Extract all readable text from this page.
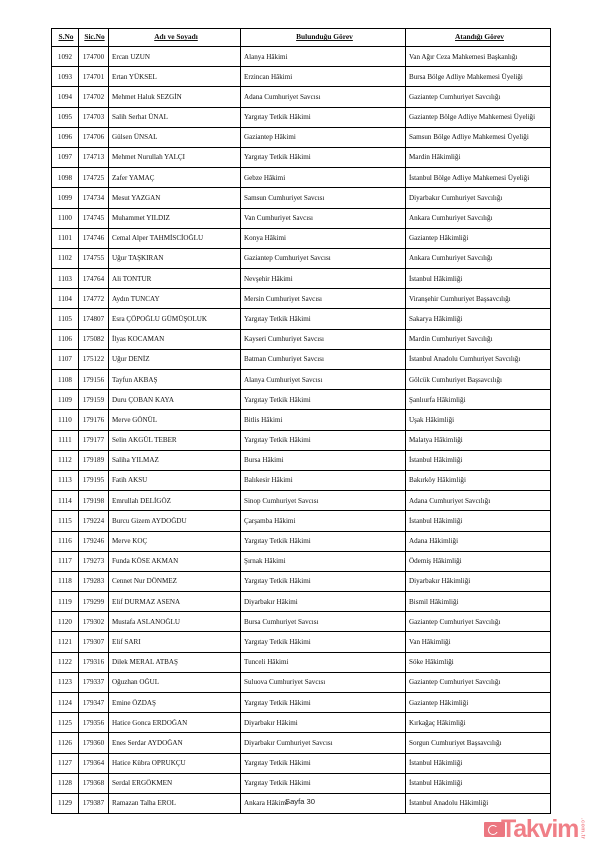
S.No	Sic.No	Adı ve Soyadı	Bulunduğu Görev	Atandığı Görev

1092	174700	Ercan UZUN	Alanya Hâkimi	Van Ağır Ceza Mahkemesi Başkanlığı

1093	174701	Ertan YÜKSEL	Erzincan Hâkimi	Bursa Bölge Adliye Mahkemesi Üyeliği

1094	174702	Mehmet Haluk SEZGİN	Adana Cumhuriyet Savcısı	Gaziantep Cumhuriyet Savcılığı

1095	174703	Salih Serhat ÜNAL	Yargıtay Tetkik Hâkimi	Gaziantep Bölge Adliye Mahkemesi Üyeliği

1096	174706	Gülsen ÜNSAL	Gaziantep Hâkimi	Samsun Bölge Adliye Mahkemesi Üyeliği

1097	174713	Mehmet Nurullah YALÇI	Yargıtay Tetkik Hâkimi	Mardin Hâkimliği

1098	174725	Zafer YAMAÇ	Gebze Hâkimi	İstanbul Bölge Adliye Mahkemesi Üyeliği

1099	174734	Mesut YAZGAN	Samsun Cumhuriyet Savcısı	Diyarbakır Cumhuriyet Savcılığı

1100	174745	Muhammet YILDIZ	Van Cumhuriyet Savcısı	Ankara Cumhuriyet Savcılığı

1101	174746	Cemal Alper TAHMİSCİOĞLU	Konya Hâkimi	Gaziantep Hâkimliği

1102	174755	Uğur TAŞKIRAN	Gaziantep Cumhuriyet Savcısı	Ankara Cumhuriyet Savcılığı

1103	174764	Ali TONTUR	Nevşehir Hâkimi	İstanbul Hâkimliği

1104	174772	Aydın TUNCAY	Mersin Cumhuriyet Savcısı	Viranşehir Cumhuriyet Başsavcılığı

1105	174807	Esra ÇÖPOĞLU GÜMÜŞOLUK	Yargıtay Tetkik Hâkimi	Sakarya Hâkimliği

1106	175082	İlyas KOCAMAN	Kayseri Cumhuriyet Savcısı	Mardin Cumhuriyet Savcılığı

1107	175122	Uğur DENİZ	Batman Cumhuriyet Savcısı	İstanbul Anadolu Cumhuriyet Savcılığı

1108	179156	Tayfun AKBAŞ	Alanya Cumhuriyet Savcısı	Gölcük Cumhuriyet Başsavcılığı

1109	179159	Duru ÇOBAN KAYA	Yargıtay Tetkik Hâkimi	Şanlıurfa Hâkimliği

1110	179176	Merve GÖNÜL	Bitlis Hâkimi	Uşak Hâkimliği

1111	179177	Selin AKGÜL TEBER	Yargıtay Tetkik Hâkimi	Malatya Hâkimliği

1112	179189	Saliha YILMAZ	Bursa Hâkimi	İstanbul Hâkimliği

1113	179195	Fatih AKSU	Balıkesir Hâkimi	Bakırköy Hâkimliği

1114	179198	Emrullah DELİGÖZ	Sinop Cumhuriyet Savcısı	Adana Cumhuriyet Savcılığı

1115	179224	Burcu Gizem AYDOĞDU	Çarşamba Hâkimi	İstanbul Hâkimliği

1116	179246	Merve KOÇ	Yargıtay Tetkik Hâkimi	Adana Hâkimliği

1117	179273	Funda KÖSE AKMAN	Şırnak Hâkimi	Ödemiş Hâkimliği

1118	179283	Cennet Nur DÖNMEZ	Yargıtay Tetkik Hâkimi	Diyarbakır Hâkimliği

1119	179299	Elif DURMAZ ASENA	Diyarbakır Hâkimi	Bismil Hâkimliği

1120	179302	Mustafa ASLANOĞLU	Bursa Cumhuriyet Savcısı	Gaziantep Cumhuriyet Savcılığı

1121	179307	Elif SARI	Yargıtay Tetkik Hâkimi	Van Hâkimliği

1122	179316	Dilek MERAL ATBAŞ	Tunceli Hâkimi	Söke Hâkimliği

1123	179337	Oğuzhan OĞUL	Suluova Cumhuriyet Savcısı	Gaziantep Cumhuriyet Savcılığı

1124	179347	Emine ÖZDAŞ	Yargıtay Tetkik Hâkimi	Gaziantep Hâkimliği

1125	179356	Hatice Gonca ERDOĞAN	Diyarbakır Hâkimi	Kırkağaç Hâkimliği

1126	179360	Enes Serdar AYDOĞAN	Diyarbakır Cumhuriyet Savcısı	Sorgun Cumhuriyet Başsavcılığı

1127	179364	Hatice Kübra OPRUKÇU	Yargıtay Tetkik Hâkimi	İstanbul Hâkimliği

1128	179368	Serdal ERGÖKMEN	Yargıtay Tetkik Hâkimi	İstanbul Hâkimliği

1129	179387	Ramazan Talha EROL	Ankara Hâkimi	İstanbul Anadolu Hâkimliği
Sayfa 30
Takvim .com.tr
